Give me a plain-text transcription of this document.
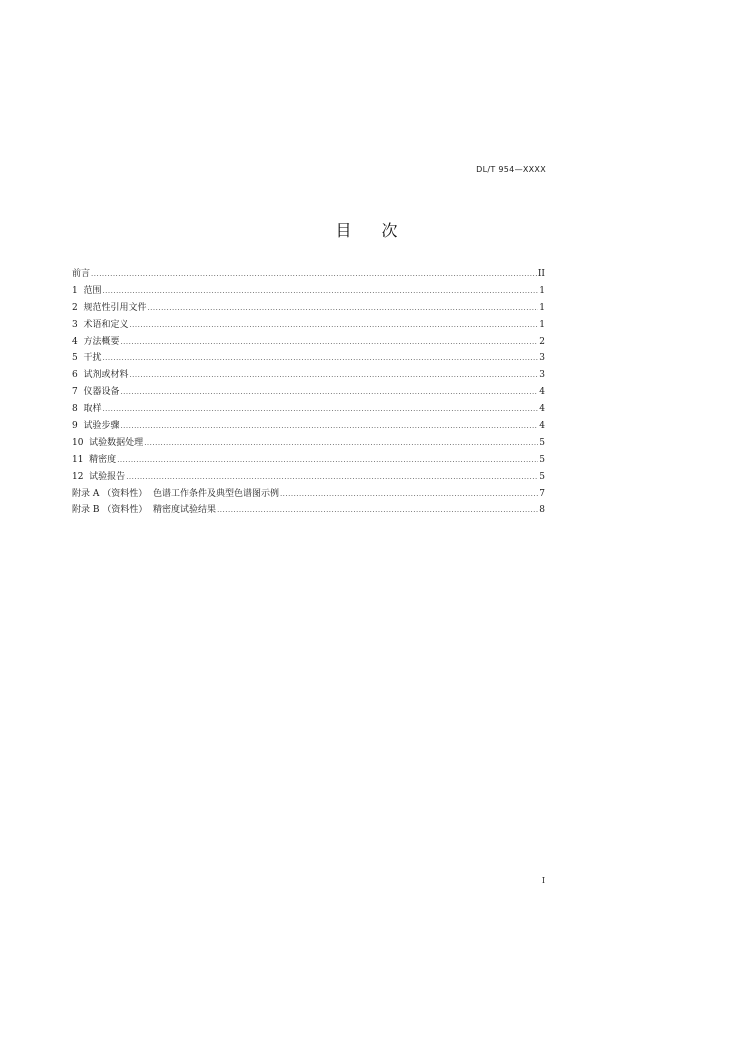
DL/T 954—XXXX
目 次
前言 .....	II
1  范围 .....	1
2  规范性引用文件 .....	1
3  术语和定义 .....	1
4  方法概要 .....	2
5  干扰 .....	3
6  试剂或材料 .....	3
7  仪器设备 .....	4
8  取样 .....	4
9  试验步骤 .....	4
10  试验数据处理 .....	5
11  精密度 .....	5
12  试验报告 .....	5
附录 A （资料性）  色谱工作条件及典型色谱图示例 .....	7
附录 B （资料性）  精密度试验结果 .....	8
I
